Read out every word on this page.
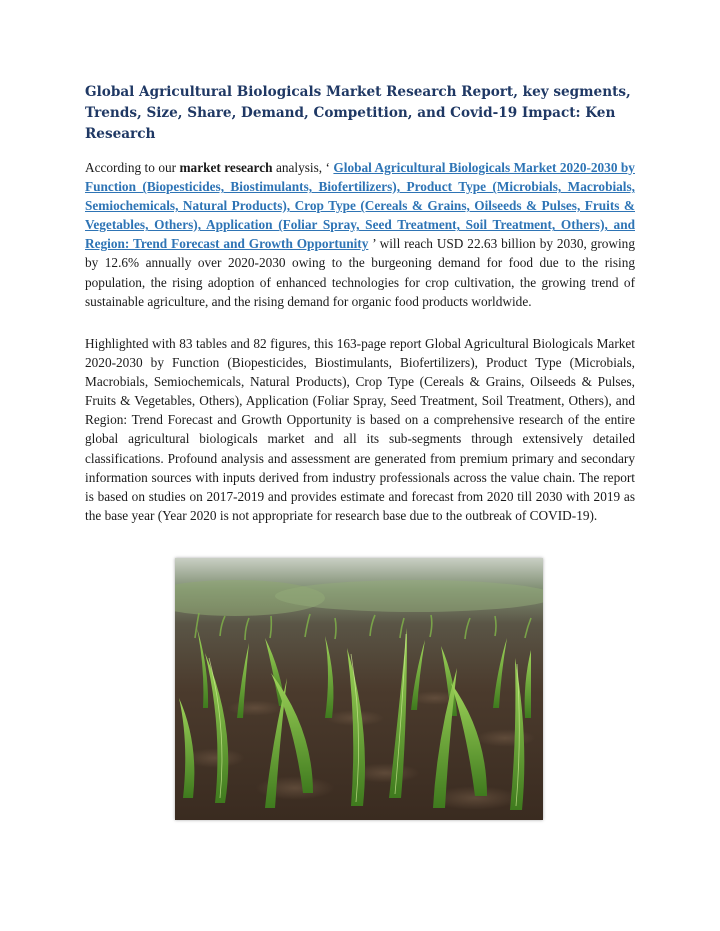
Global Agricultural Biologicals Market Research Report, key segments, Trends, Size, Share, Demand, Competition, and Covid-19 Impact: Ken Research

According to our market research analysis, ‘ Global Agricultural Biologicals Market 2020-2030 by Function (Biopesticides, Biostimulants, Biofertilizers), Product Type (Microbials, Macrobials, Semiochemicals, Natural Products), Crop Type (Cereals & Grains, Oilseeds & Pulses, Fruits & Vegetables, Others), Application (Foliar Spray, Seed Treatment, Soil Treatment, Others), and Region: Trend Forecast and Growth Opportunity ’ will reach USD 22.63 billion by 2030, growing by 12.6% annually over 2020-2030 owing to the burgeoning demand for food due to the rising population, the rising adoption of enhanced technologies for crop cultivation, the growing trend of sustainable agriculture, and the rising demand for organic food products worldwide.

Highlighted with 83 tables and 82 figures, this 163-page report Global Agricultural Biologicals Market 2020-2030 by Function (Biopesticides, Biostimulants, Biofertilizers), Product Type (Microbials, Macrobials, Semiochemicals, Natural Products), Crop Type (Cereals & Grains, Oilseeds & Pulses, Fruits & Vegetables, Others), Application (Foliar Spray, Seed Treatment, Soil Treatment, Others), and Region: Trend Forecast and Growth Opportunity is based on a comprehensive research of the entire global agricultural biologicals market and all its sub-segments through extensively detailed classifications. Profound analysis and assessment are generated from premium primary and secondary information sources with inputs derived from industry professionals across the value chain. The report is based on studies on 2017-2019 and provides estimate and forecast from 2020 till 2030 with 2019 as the base year (Year 2020 is not appropriate for research base due to the outbreak of COVID-19).
